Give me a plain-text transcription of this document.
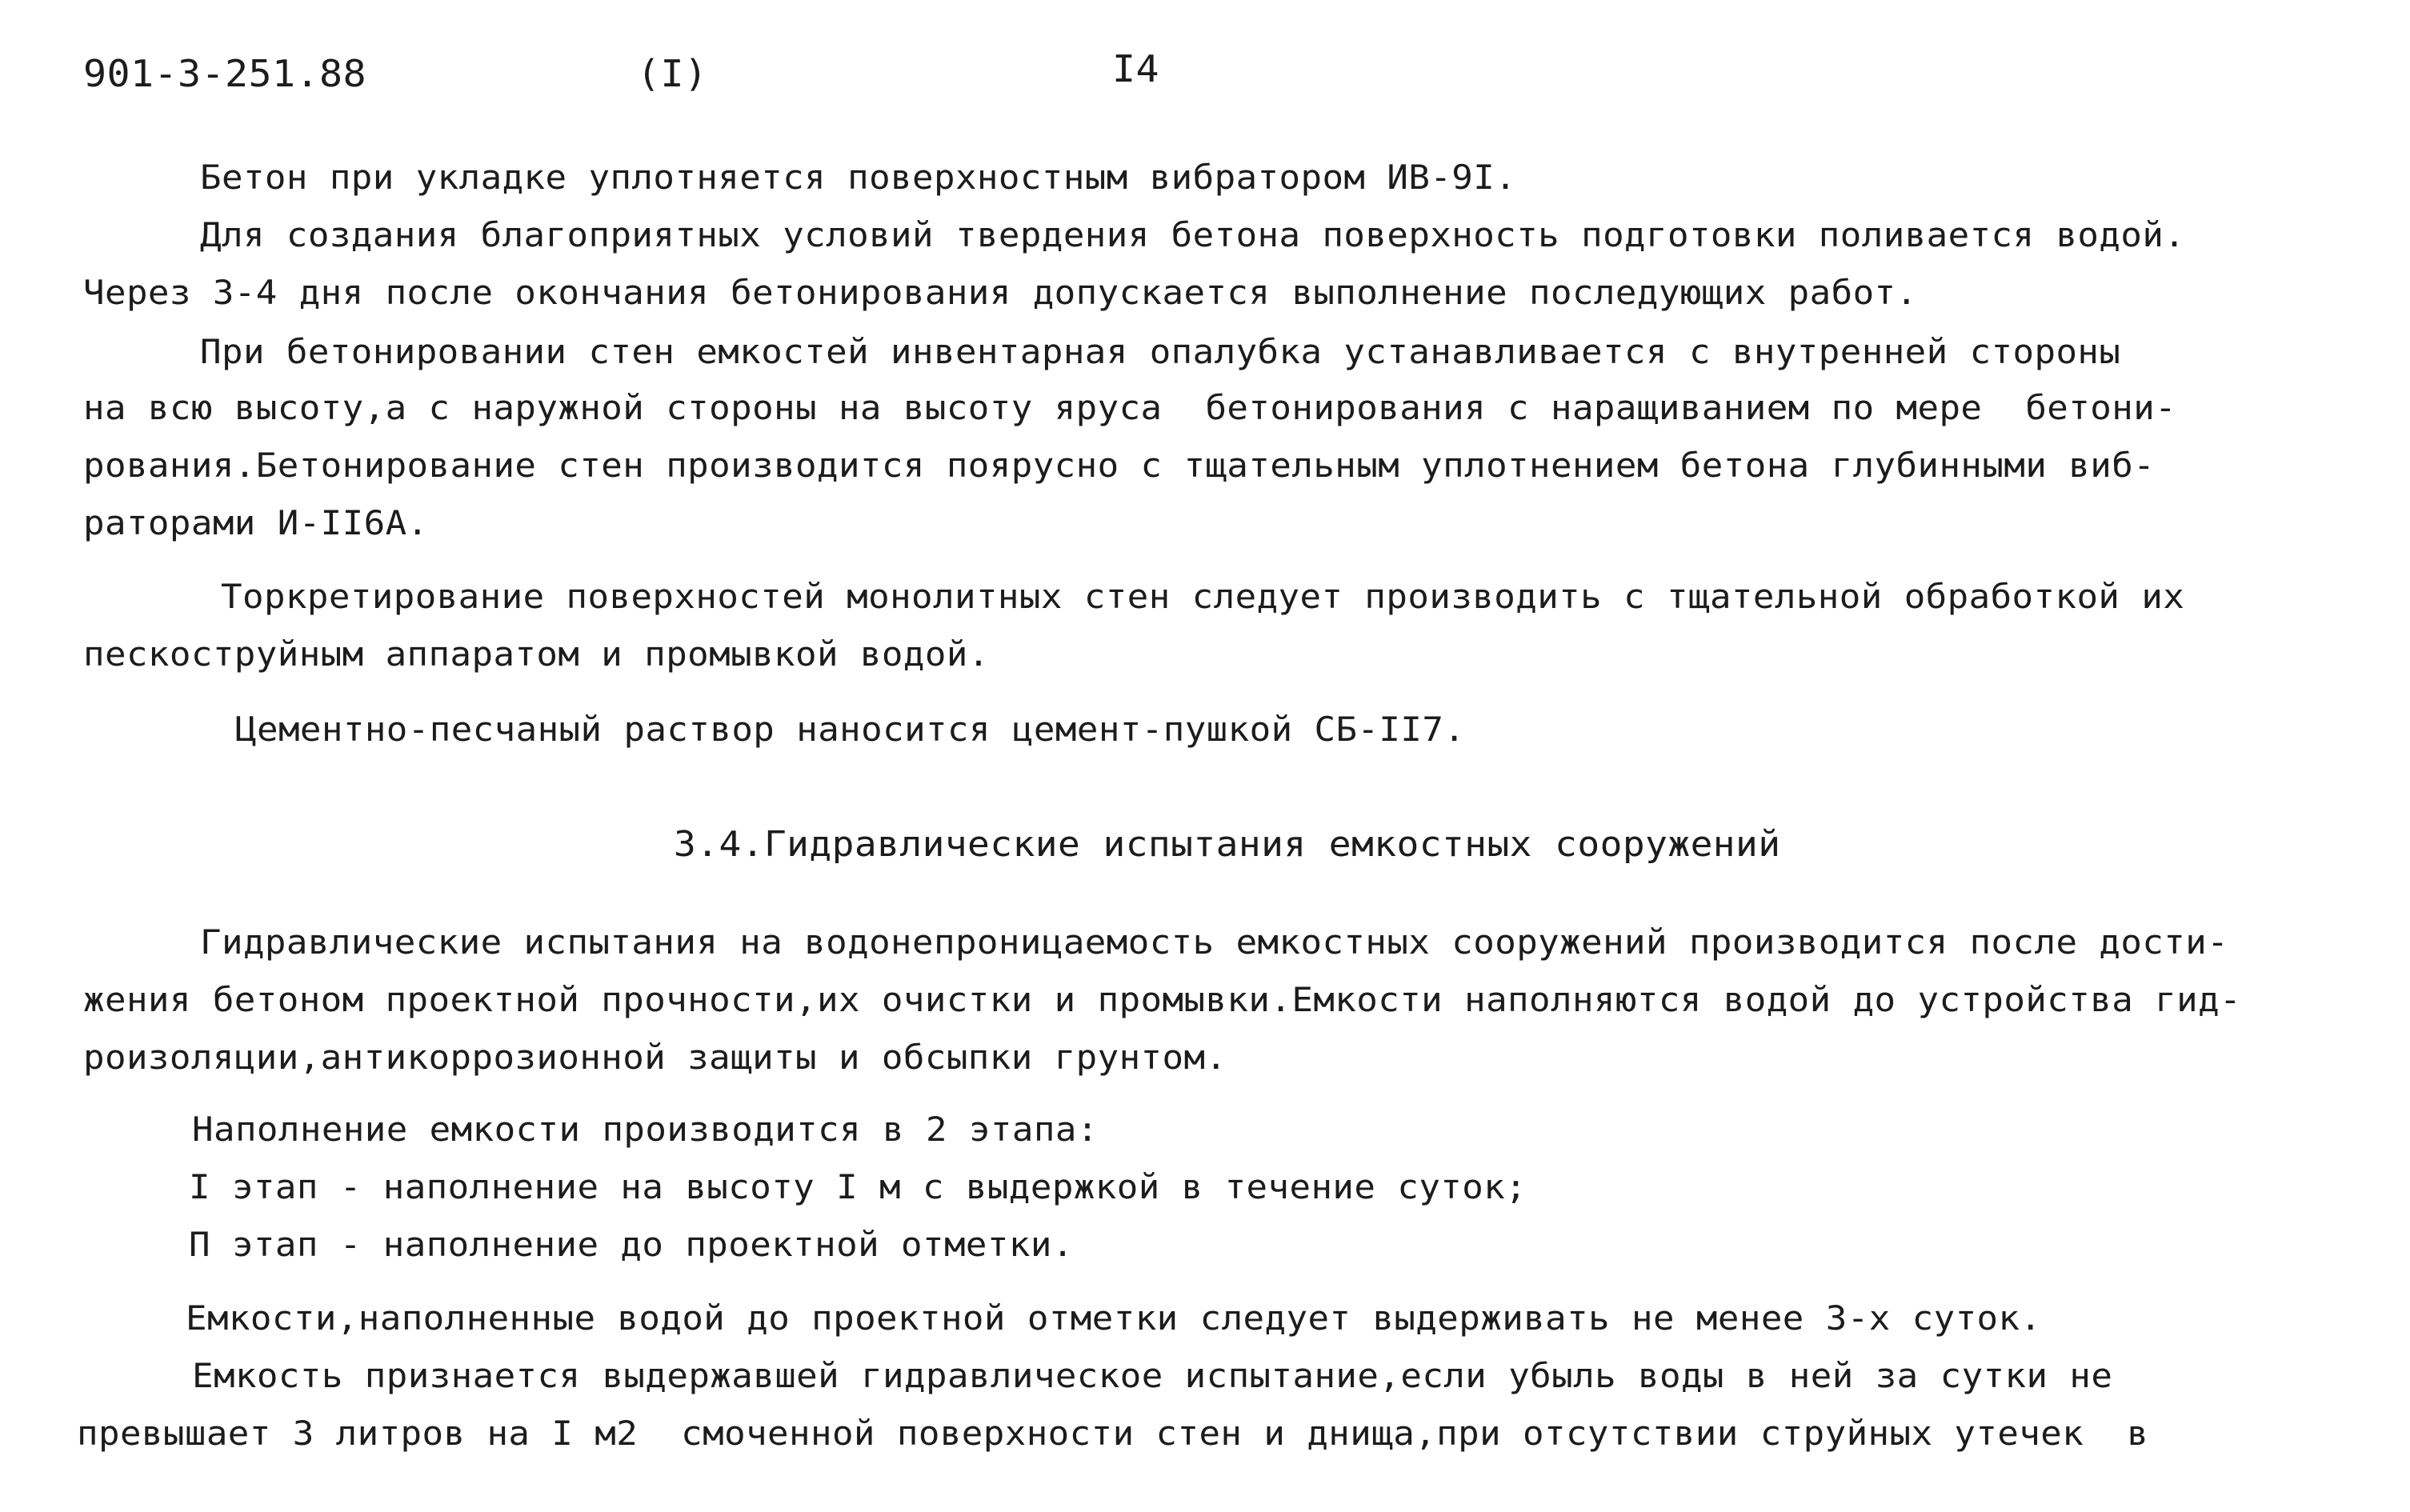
901-3-251.88	(I)	I4
Бетон при укладке уплотняется поверхностным вибратором ИВ-9I.
Для создания благоприятных условий твердения бетона поверхность подготовки поливается водой.
Через 3-4 дня после окончания бетонирования допускается выполнение последующих работ.
При бетонировании стен емкостей инвентарная опалубка устанавливается с внутренней стороны
на всю высоту,а с наружной стороны на высоту яруса  бетонирования с наращиванием по мере  бетони-
рования.Бетонирование стен производится поярусно с тщательным уплотнением бетона глубинными виб-
раторами И-II6А.
Торкретирование поверхностей монолитных стен следует производить с тщательной обработкой их
пескоструйным аппаратом и промывкой водой.
Цементно-песчаный раствор наносится цемент-пушкой СБ-II7.
3.4.Гидравлические испытания емкостных сооружений
Гидравлические испытания на водонепроницаемость емкостных сооружений производится после дости-
жения бетоном проектной прочности,их очистки и промывки.Емкости наполняются водой до устройства гид-
роизоляции,антикоррозионной защиты и обсыпки грунтом.
Наполнение емкости производится в 2 этапа:
I этап - наполнение на высоту I м с выдержкой в течение суток;
П этап - наполнение до проектной отметки.
Емкости,наполненные водой до проектной отметки следует выдерживать не менее 3-х суток.
Емкость признается выдержавшей гидравлическое испытание,если убыль воды в ней за сутки не
превышает 3 литров на I м2  смоченной поверхности стен и днища,при отсутствии струйных утечек  в
